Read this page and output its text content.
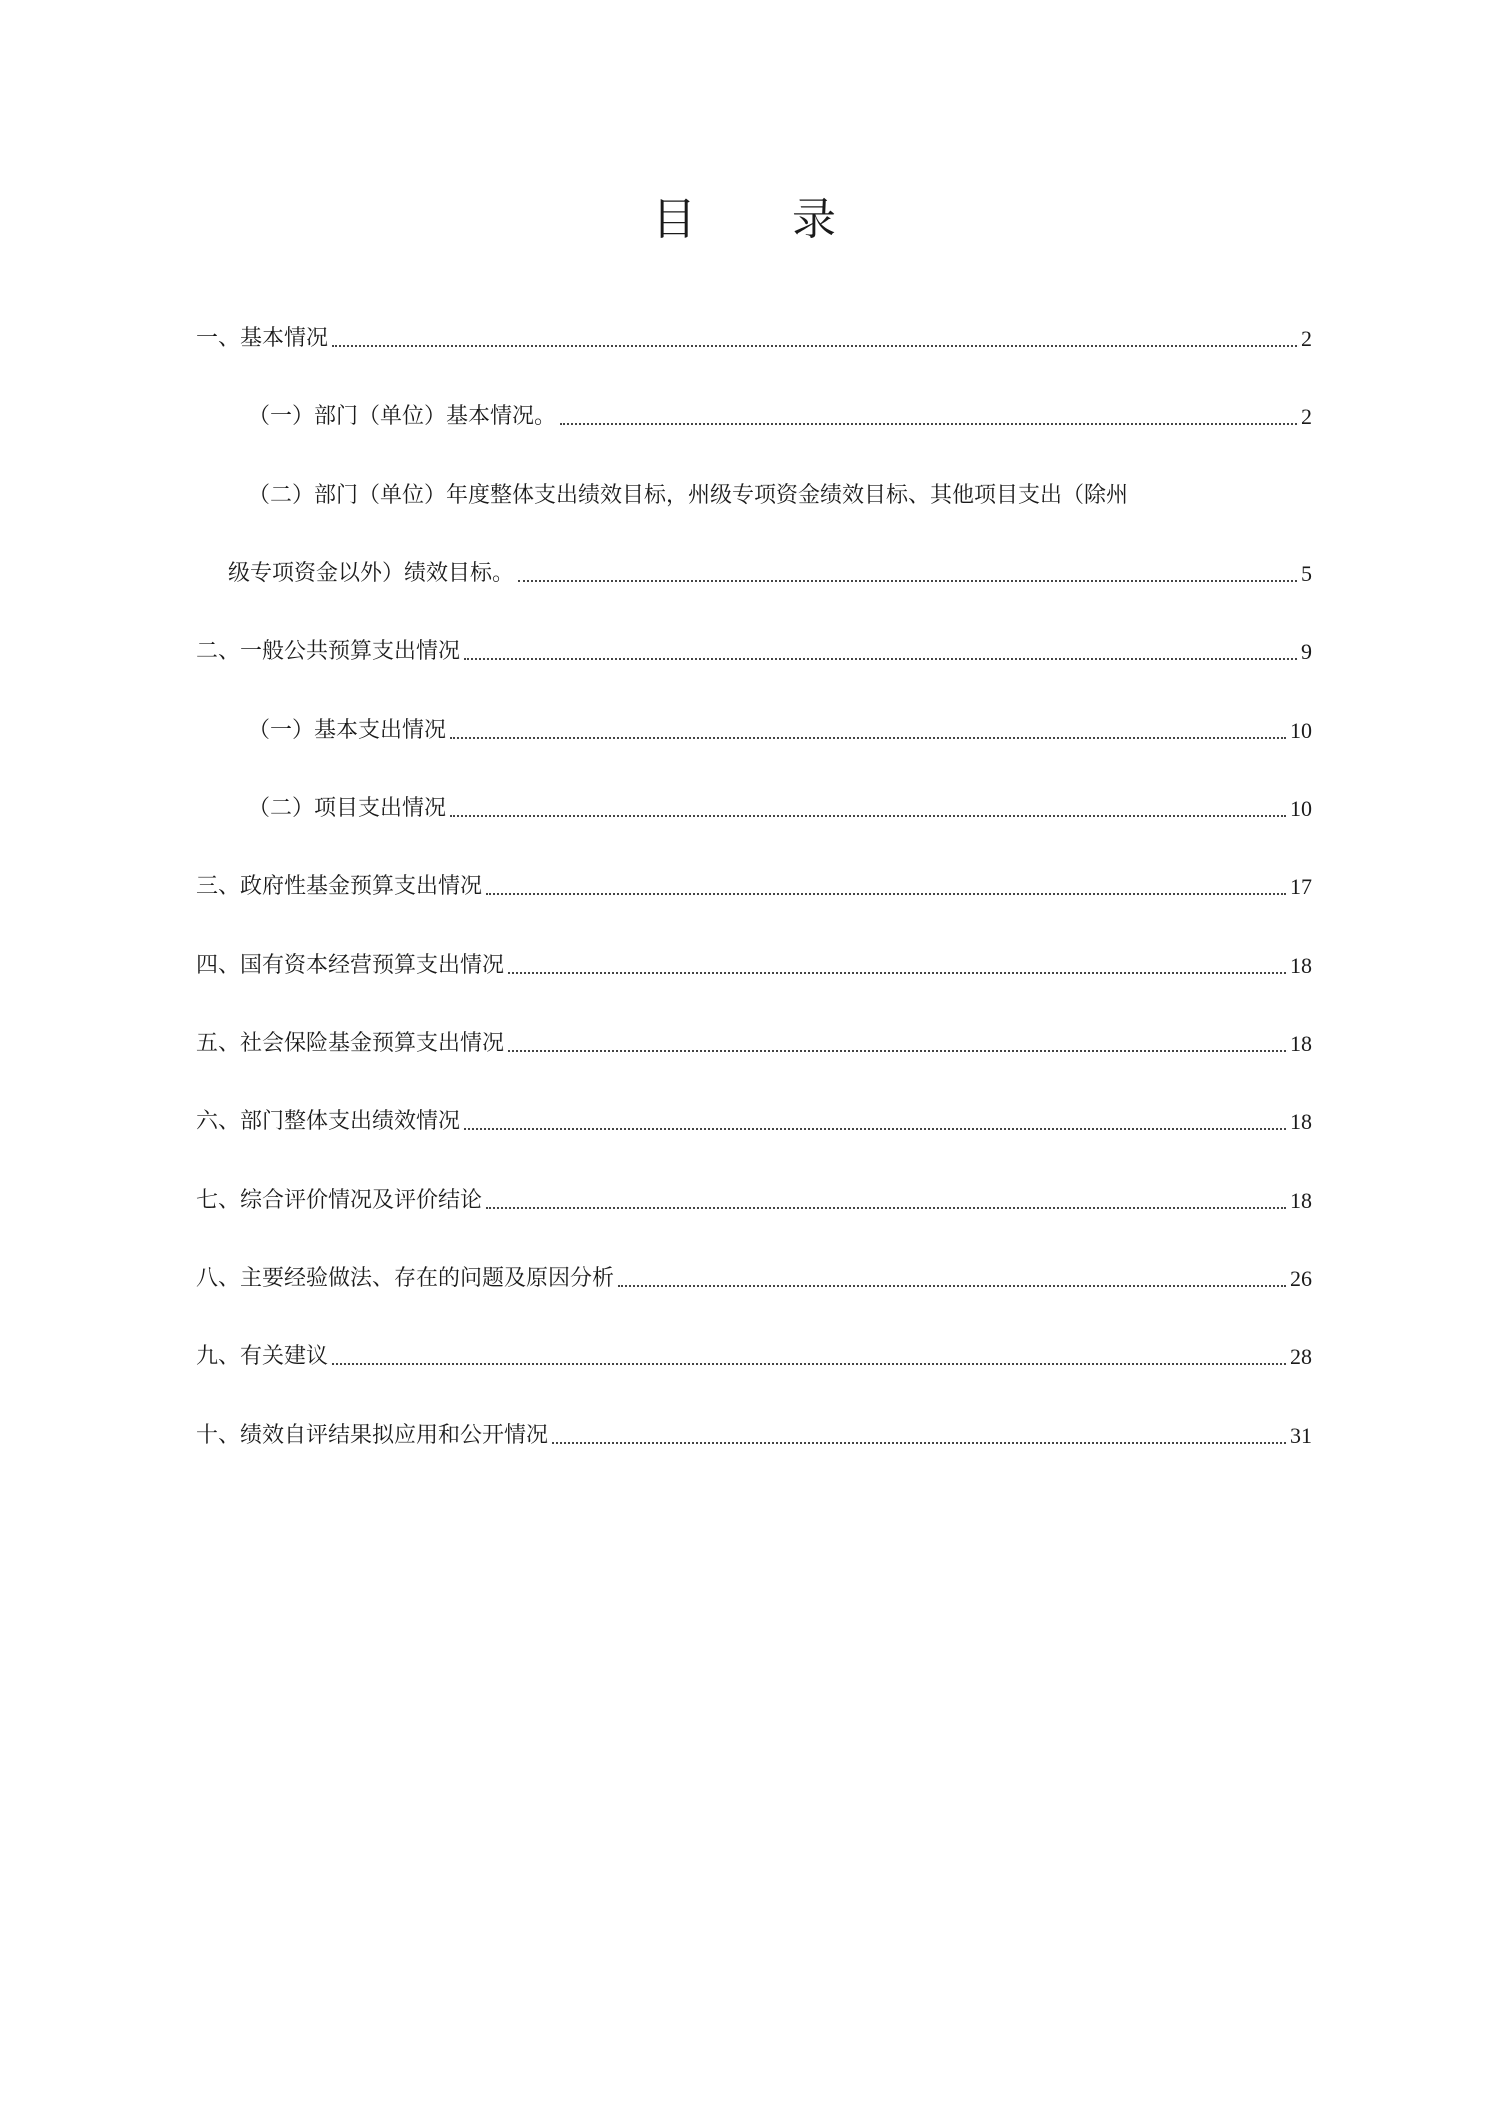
目 录
一、基本情况	2
（一）部门（单位）基本情况。	2
（二）部门（单位）年度整体支出绩效目标，州级专项资金绩效目标、其他项目支出（除州
级专项资金以外）绩效目标。	5
二、一般公共预算支出情况	9
（一）基本支出情况	10
（二）项目支出情况	10
三、政府性基金预算支出情况	17
四、国有资本经营预算支出情况	18
五、社会保险基金预算支出情况	18
六、部门整体支出绩效情况	18
七、综合评价情况及评价结论	18
八、主要经验做法、存在的问题及原因分析	26
九、有关建议	28
十、绩效自评结果拟应用和公开情况	31
